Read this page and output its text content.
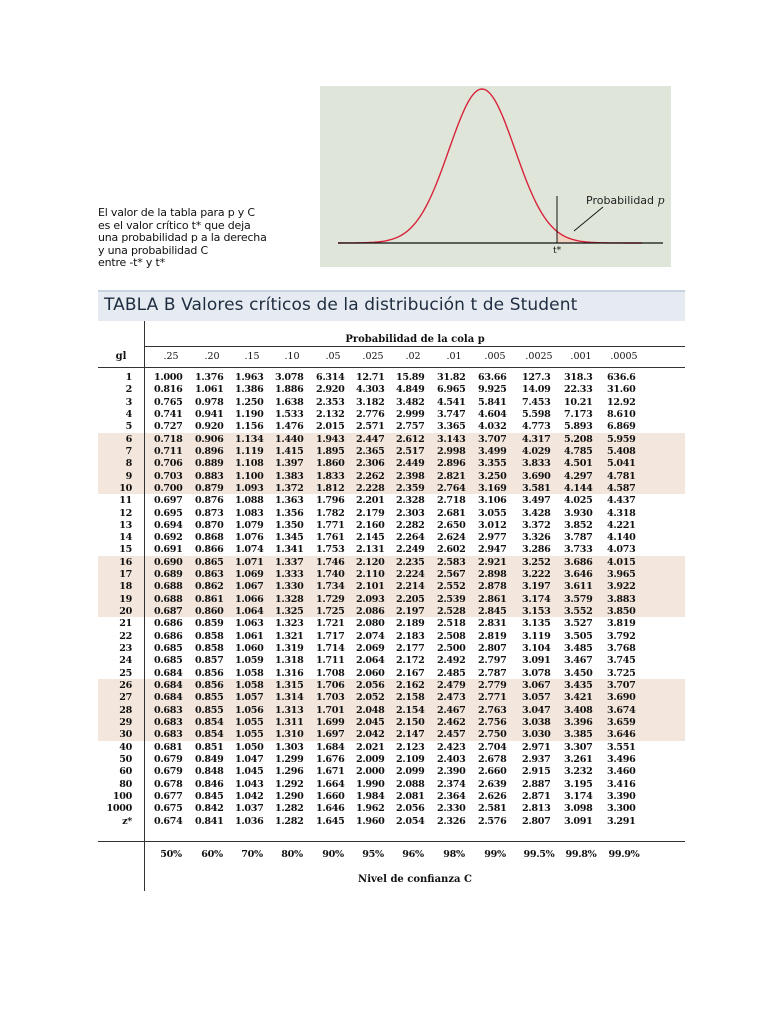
Probabilidad p
t*
El valor de la tabla para p y C
es el valor crítico t* que deja
una probabilidad p a la derecha
y una probabilidad C
entre -t* y t*
TABLA B Valores críticos de la distribución t de Student
Probabilidad de la cola p
gl	.25	.20	.15	.10	.05	.025	.02	.01	.005	.0025	.001	.0005
1 1.000 1.376 1.963 3.078 6.314 12.71 15.89 31.82 63.66 127.3 318.3 636.6
2 0.816 1.061 1.386 1.886 2.920 4.303 4.849 6.965 9.925 14.09 22.33 31.60
3 0.765 0.978 1.250 1.638 2.353 3.182 3.482 4.541 5.841 7.453 10.21 12.92
4 0.741 0.941 1.190 1.533 2.132 2.776 2.999 3.747 4.604 5.598 7.173 8.610
5 0.727 0.920 1.156 1.476 2.015 2.571 2.757 3.365 4.032 4.773 5.893 6.869
6 0.718 0.906 1.134 1.440 1.943 2.447 2.612 3.143 3.707 4.317 5.208 5.959
7 0.711 0.896 1.119 1.415 1.895 2.365 2.517 2.998 3.499 4.029 4.785 5.408
8 0.706 0.889 1.108 1.397 1.860 2.306 2.449 2.896 3.355 3.833 4.501 5.041
9 0.703 0.883 1.100 1.383 1.833 2.262 2.398 2.821 3.250 3.690 4.297 4.781
10 0.700 0.879 1.093 1.372 1.812 2.228 2.359 2.764 3.169 3.581 4.144 4.587
11 0.697 0.876 1.088 1.363 1.796 2.201 2.328 2.718 3.106 3.497 4.025 4.437
12 0.695 0.873 1.083 1.356 1.782 2.179 2.303 2.681 3.055 3.428 3.930 4.318
13 0.694 0.870 1.079 1.350 1.771 2.160 2.282 2.650 3.012 3.372 3.852 4.221
14 0.692 0.868 1.076 1.345 1.761 2.145 2.264 2.624 2.977 3.326 3.787 4.140
15 0.691 0.866 1.074 1.341 1.753 2.131 2.249 2.602 2.947 3.286 3.733 4.073
16 0.690 0.865 1.071 1.337 1.746 2.120 2.235 2.583 2.921 3.252 3.686 4.015
17 0.689 0.863 1.069 1.333 1.740 2.110 2.224 2.567 2.898 3.222 3.646 3.965
18 0.688 0.862 1.067 1.330 1.734 2.101 2.214 2.552 2.878 3.197 3.611 3.922
19 0.688 0.861 1.066 1.328 1.729 2.093 2.205 2.539 2.861 3.174 3.579 3.883
20 0.687 0.860 1.064 1.325 1.725 2.086 2.197 2.528 2.845 3.153 3.552 3.850
21 0.686 0.859 1.063 1.323 1.721 2.080 2.189 2.518 2.831 3.135 3.527 3.819
22 0.686 0.858 1.061 1.321 1.717 2.074 2.183 2.508 2.819 3.119 3.505 3.792
23 0.685 0.858 1.060 1.319 1.714 2.069 2.177 2.500 2.807 3.104 3.485 3.768
24 0.685 0.857 1.059 1.318 1.711 2.064 2.172 2.492 2.797 3.091 3.467 3.745
25 0.684 0.856 1.058 1.316 1.708 2.060 2.167 2.485 2.787 3.078 3.450 3.725
26 0.684 0.856 1.058 1.315 1.706 2.056 2.162 2.479 2.779 3.067 3.435 3.707
27 0.684 0.855 1.057 1.314 1.703 2.052 2.158 2.473 2.771 3.057 3.421 3.690
28 0.683 0.855 1.056 1.313 1.701 2.048 2.154 2.467 2.763 3.047 3.408 3.674
29 0.683 0.854 1.055 1.311 1.699 2.045 2.150 2.462 2.756 3.038 3.396 3.659
30 0.683 0.854 1.055 1.310 1.697 2.042 2.147 2.457 2.750 3.030 3.385 3.646
40 0.681 0.851 1.050 1.303 1.684 2.021 2.123 2.423 2.704 2.971 3.307 3.551
50 0.679 0.849 1.047 1.299 1.676 2.009 2.109 2.403 2.678 2.937 3.261 3.496
60 0.679 0.848 1.045 1.296 1.671 2.000 2.099 2.390 2.660 2.915 3.232 3.460
80 0.678 0.846 1.043 1.292 1.664 1.990 2.088 2.374 2.639 2.887 3.195 3.416
100 0.677 0.845 1.042 1.290 1.660 1.984 2.081 2.364 2.626 2.871 3.174 3.390
1000 0.675 0.842 1.037 1.282 1.646 1.962 2.056 2.330 2.581 2.813 3.098 3.300
z* 0.674 0.841 1.036 1.282 1.645 1.960 2.054 2.326 2.576 2.807 3.091 3.291
50%	60%	70%	80%	90%	95%	96%	98%	99%	99.5%	99.8%	99.9%
Nivel de confianza C
